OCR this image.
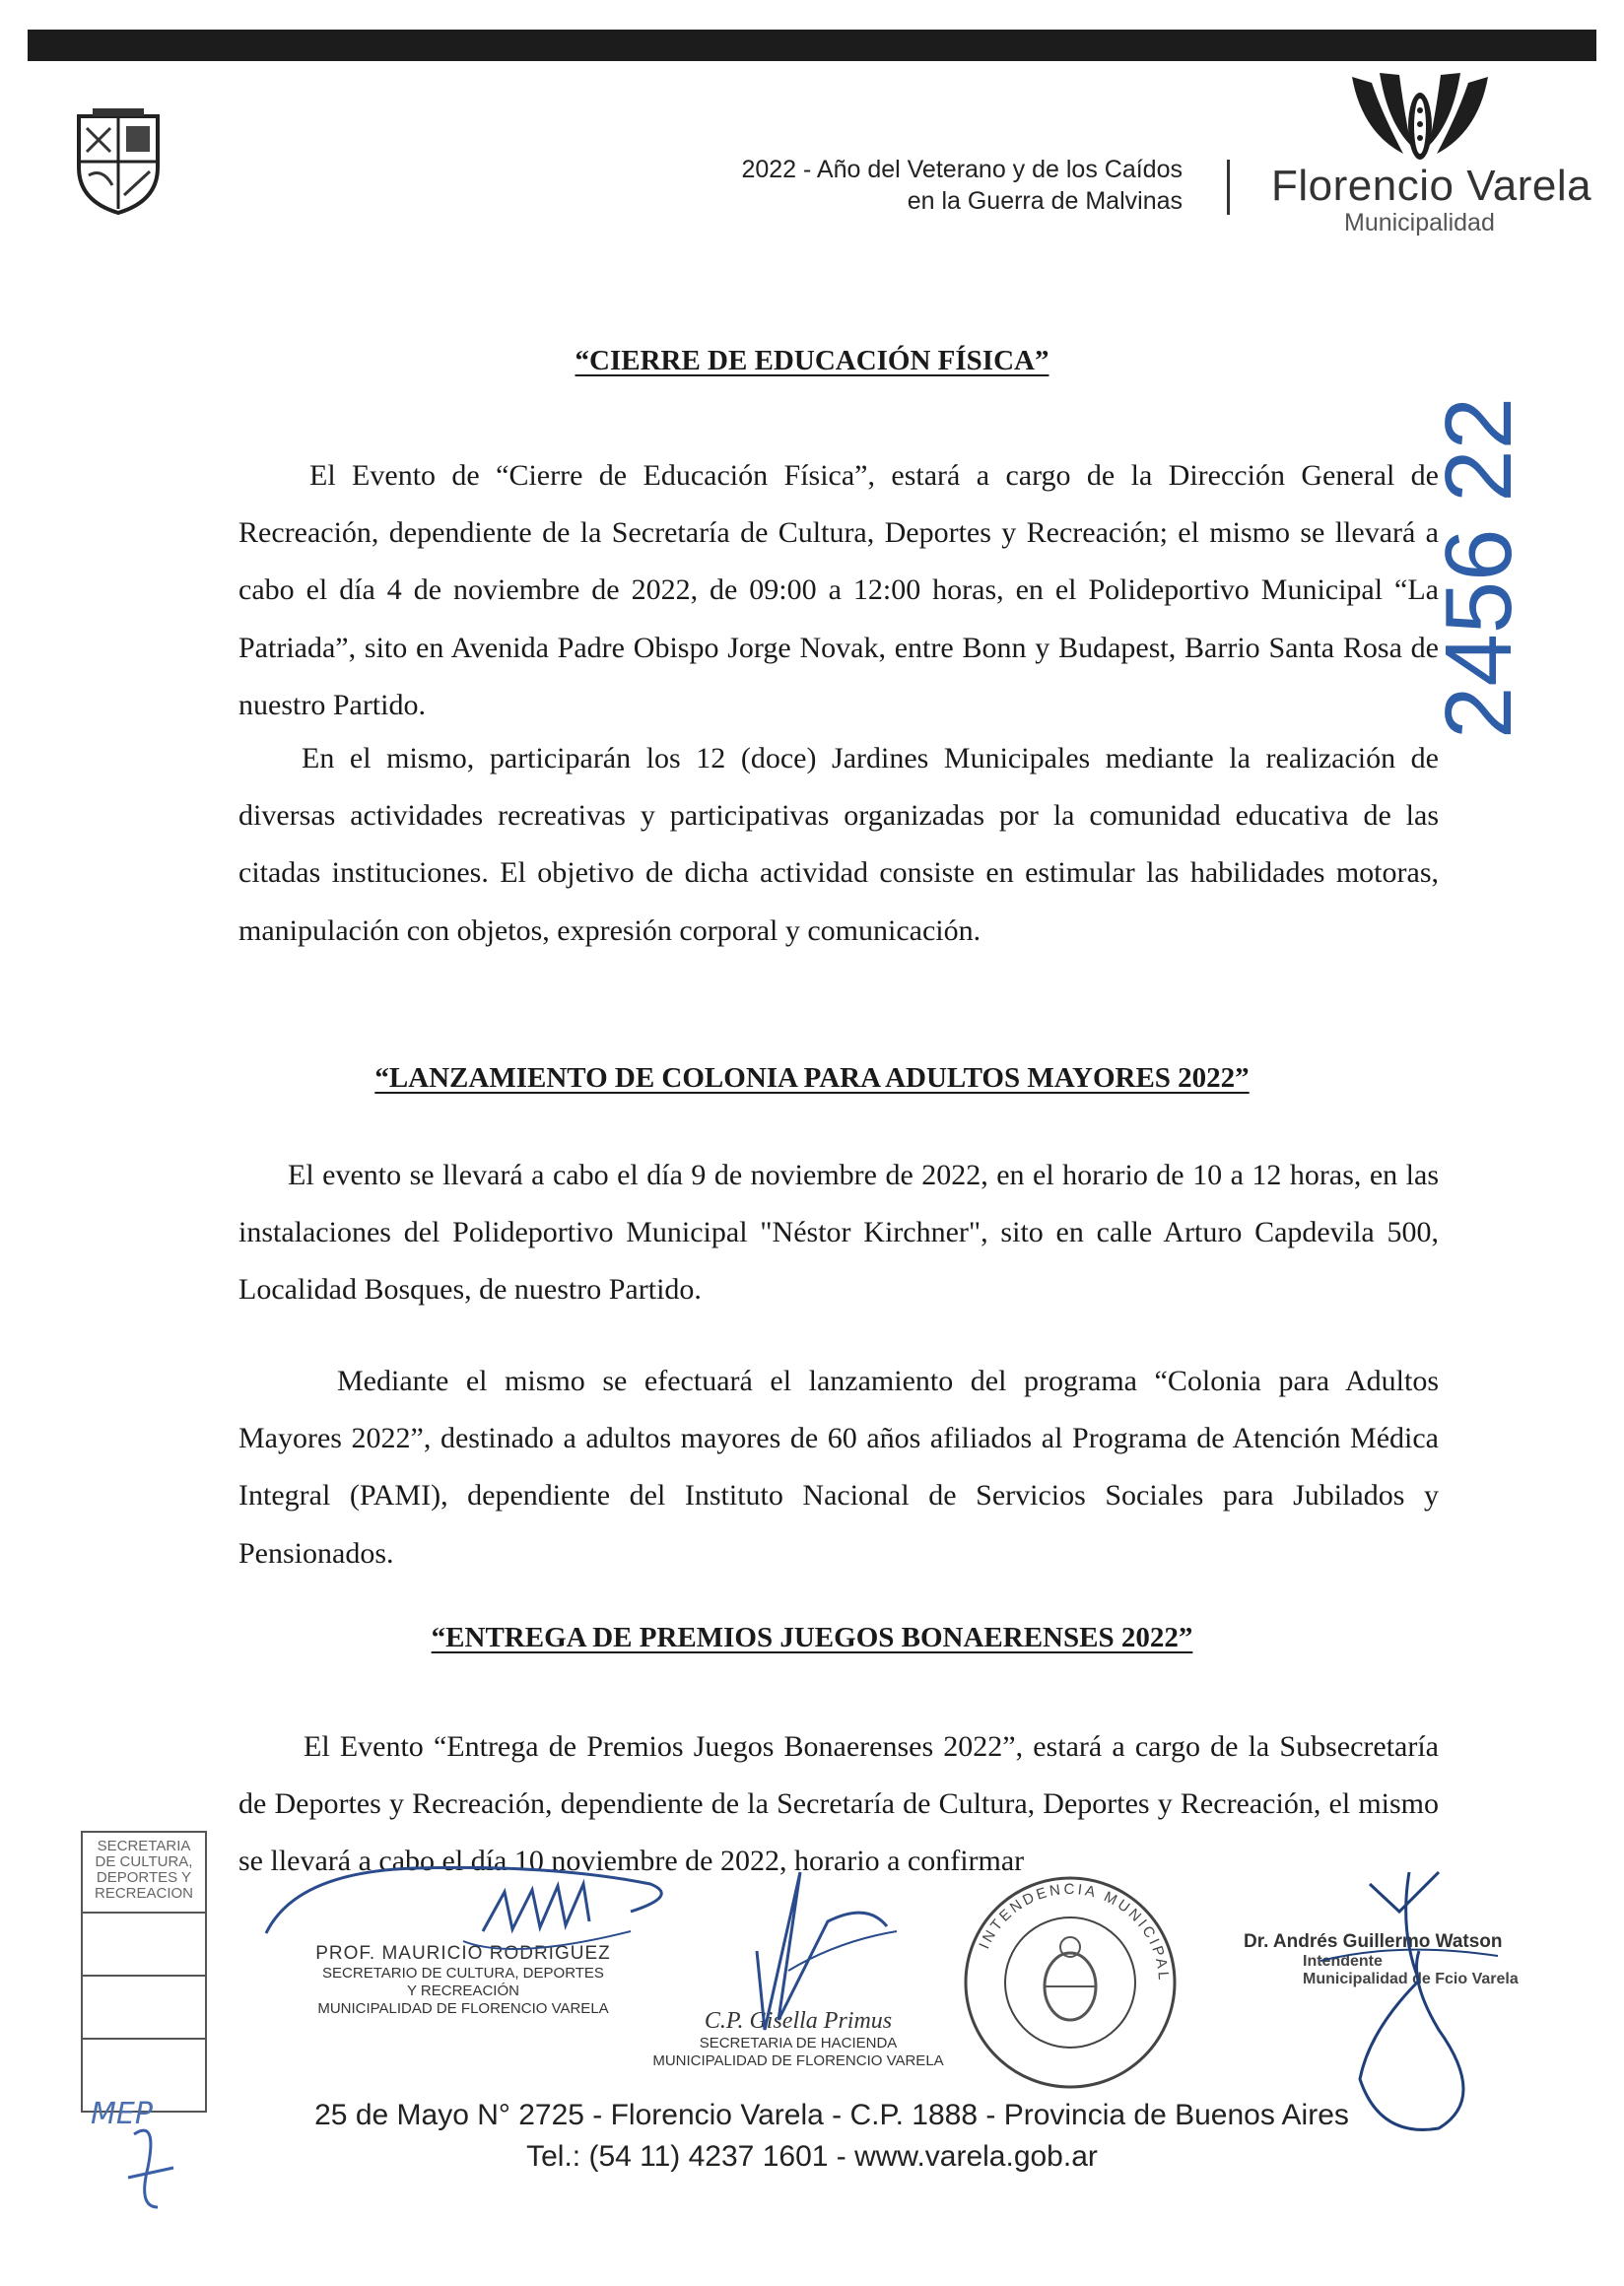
2022 - Año del Veterano y de los Caídos
en la Guerra de Malvinas Florencio Varela
Municipalidad
“CIERRE DE EDUCACIÓN FÍSICA”

El Evento de “Cierre de Educación Física”, estará a cargo de la Dirección General de Recreación, dependiente de la Secretaría de Cultura, Deportes y Recreación; el mismo se llevará a cabo el día 4 de noviembre de 2022, de 09:00 a 12:00 horas, en el Polideportivo Municipal “La Patriada”, sito en Avenida Padre Obispo Jorge Novak, entre Bonn y Budapest, Barrio Santa Rosa de nuestro Partido.

En el mismo, participarán los 12 (doce) Jardines Municipales mediante la realización de diversas actividades recreativas y participativas organizadas por la comunidad educativa de las citadas instituciones. El objetivo de dicha actividad consiste en estimular las habilidades motoras, manipulación con objetos, expresión corporal y comunicación.

“LANZAMIENTO DE COLONIA PARA ADULTOS MAYORES 2022”

El evento se llevará a cabo el día 9 de noviembre de 2022, en el horario de 10 a 12 horas, en las instalaciones del Polideportivo Municipal "Néstor Kirchner", sito en calle Arturo Capdevila 500, Localidad Bosques, de nuestro Partido.

Mediante el mismo se efectuará el lanzamiento del programa “Colonia para Adultos Mayores 2022”, destinado a adultos mayores de 60 años afiliados al Programa de Atención Médica Integral (PAMI), dependiente del Instituto Nacional de Servicios Sociales para Jubilados y Pensionados.

“ENTREGA DE PREMIOS JUEGOS BONAERENSES 2022”

El Evento “Entrega de Premios Juegos Bonaerenses 2022”, estará a cargo de la Subsecretaría de Deportes y Recreación, dependiente de la Secretaría de Cultura, Deportes y Recreación, el mismo se llevará a cabo el día 10 noviembre de 2022, horario a confirmar

2456 22
SECRETARIA
DE CULTURA,
DEPORTES Y
RECREACION
MEP
PROF. MAURICIO RODRIGUEZ
SECRETARIO DE CULTURA, DEPORTES
Y RECREACIÓN
MUNICIPALIDAD DE FLORENCIO VARELA	C.P. Gisella Primus
SECRETARIA DE HACIENDA
MUNICIPALIDAD DE FLORENCIO VARELA
Dr. Andrés Guillermo Watson
Intendente
Municipalidad de Fcio Varela
INTENDENCIA MUNICIPAL
25 de Mayo N° 2725 - Florencio Varela - C.P. 1888 - Provincia de Buenos Aires
Tel.: (54 11) 4237 1601 - www.varela.gob.ar
